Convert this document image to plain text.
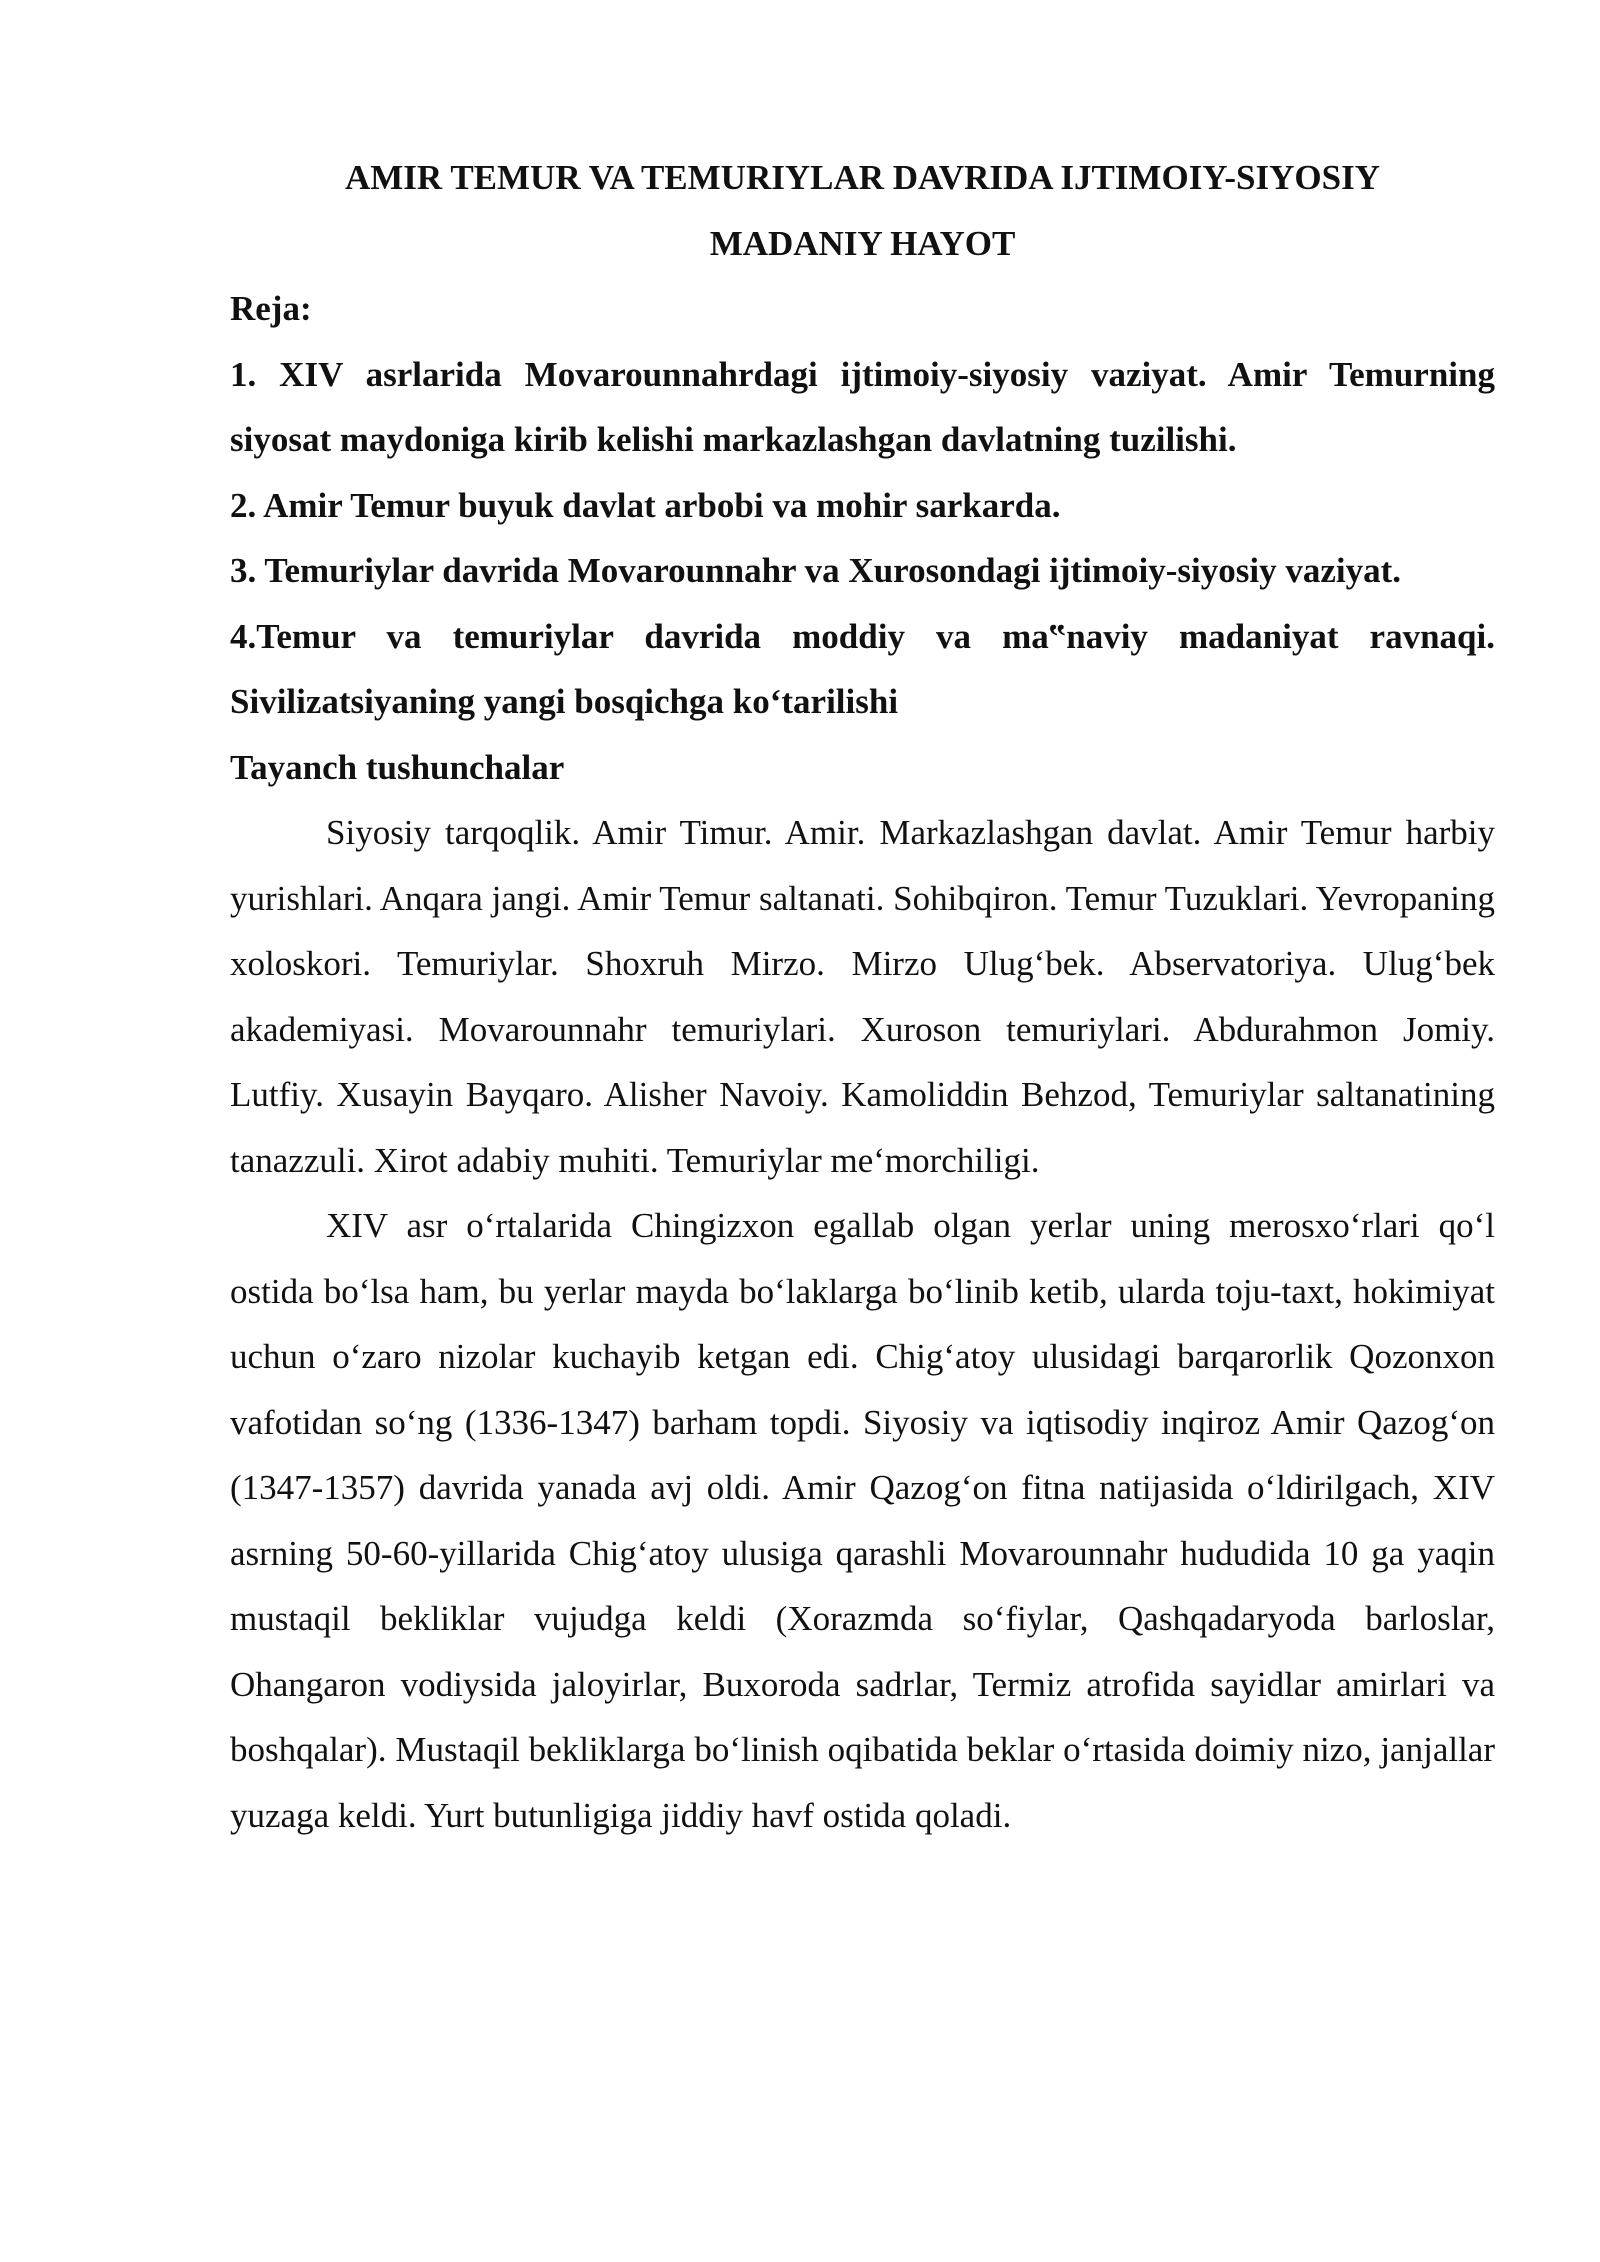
AMIR TEMUR VA TEMURIYLAR DAVRIDA IJTIMOIY-SIYOSIY
MADANIY HAYOT

Reja:

1. XIV asrlarida Movarounnahrdagi ijtimoiy-siyosiy vaziyat. Amir Temurning siyosat maydoniga kirib kelishi markazlashgan davlatning tuzilishi.

2. Amir Temur buyuk davlat arbobi va mohir sarkarda.

3. Temuriylar davrida Movarounnahr va Xurosondagi ijtimoiy-siyosiy vaziyat.

4.Temur va temuriylar davrida moddiy va ma‟naviy madaniyat ravnaqi. Sivilizatsiyaning yangi bosqichga ko‘tarilishi

Tayanch tushunchalar

Siyosiy tarqoqlik. Amir Timur. Amir. Markazlashgan davlat. Amir Temur harbiy yurishlari. Anqara jangi. Amir Temur saltanati. Sohibqiron. Temur Tuzuklari. Yevropaning xoloskori. Temuriylar. Shoxruh Mirzo. Mirzo Ulug‘bek. Abservatoriya. Ulug‘bek akademiyasi. Movarounnahr temuriylari. Xuroson temuriylari. Abdurahmon Jomiy. Lutfiy. Xusayin Bayqaro. Alisher Navoiy. Kamoliddin Behzod, Temuriylar saltanatining tanazzuli. Xirot adabiy muhiti. Temuriylar me‘morchiligi.

XIV asr o‘rtalarida Chingizxon egallab olgan yerlar uning merosxo‘rlari qo‘l ostida bo‘lsa ham, bu yerlar mayda bo‘laklarga bo‘linib ketib, ularda toju-taxt, hokimiyat uchun o‘zaro nizolar kuchayib ketgan edi. Chig‘atoy ulusidagi barqarorlik Qozonxon vafotidan so‘ng (1336-1347) barham topdi. Siyosiy va iqtisodiy inqiroz Amir Qazog‘on (1347-1357) davrida yanada avj oldi. Amir Qazog‘on fitna natijasida o‘ldirilgach, XIV asrning 50-60-yillarida Chig‘atoy ulusiga qarashli Movarounnahr hududida 10 ga yaqin mustaqil bekliklar vujudga keldi (Xorazmda so‘fiylar, Qashqadaryoda barloslar, Ohangaron vodiysida jaloyirlar, Buxoroda sadrlar, Termiz atrofida sayidlar amirlari va boshqalar). Mustaqil bekliklarga bo‘linish oqibatida beklar o‘rtasida doimiy nizo, janjallar yuzaga keldi. Yurt butunligiga jiddiy havf ostida qoladi.
